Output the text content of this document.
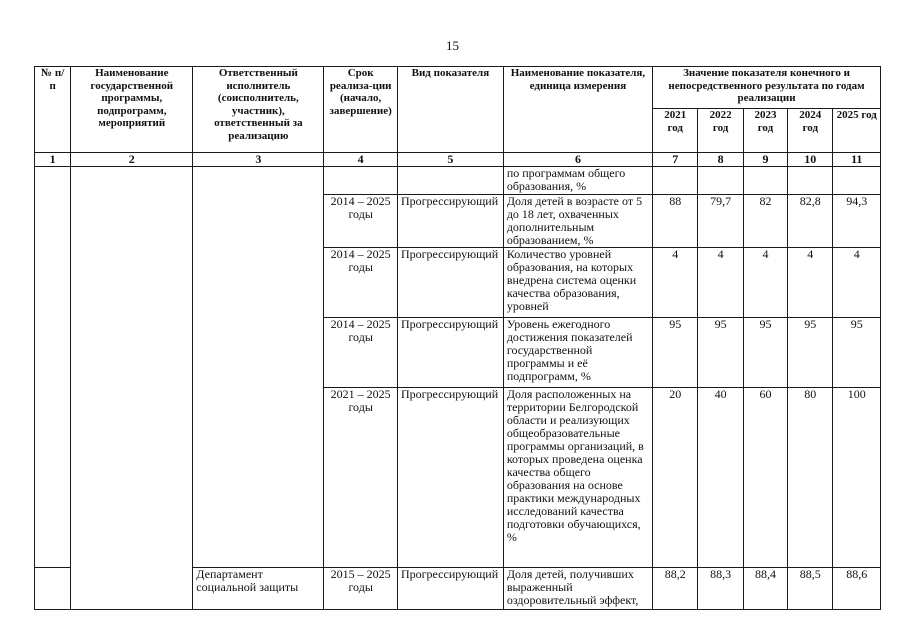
15
№ п/п	Наименование государственной программы, подпрограмм, мероприятий	Ответственный исполнитель (соисполнитель, участник), ответственный за реализацию	Срок реализа-ции (начало, завершение)	Вид показателя	Наименование показателя, единица измерения	Значение показателя конечного и непосредственного результата по годам реализации				
						2021 год	2022 год	2023 год	2024 год	2025 год
1	2	3	4	5	6	7	8	9	10	11
					по программам общего образования, %					
			2014 – 2025 годы	Прогрессирующий	Доля детей в возрасте от 5 до 18 лет, охваченных дополнительным образованием, %	88	79,7	82	82,8	94,3
			2014 – 2025 годы	Прогрессирующий	Количество уровней образования, на которых внедрена система оценки качества образования, уровней	4	4	4	4	4
			2014 – 2025 годы	Прогрессирующий	Уровень ежегодного достижения показателей государственной программы и её подпрограмм, %	95	95	95	95	95
			2021 – 2025 годы	Прогрессирующий	Доля расположенных на территории Белгородской области и реализующих общеобразовательные программы организаций, в которых проведена оценка качества общего образования на основе практики международных исследований качества подготовки обучающихся, %	20	40	60	80	100
		Департамент социальной защиты	2015 – 2025 годы	Прогрессирующий	Доля детей, получивших выраженный оздоровительный эффект,	88,2	88,3	88,4	88,5	88,6
